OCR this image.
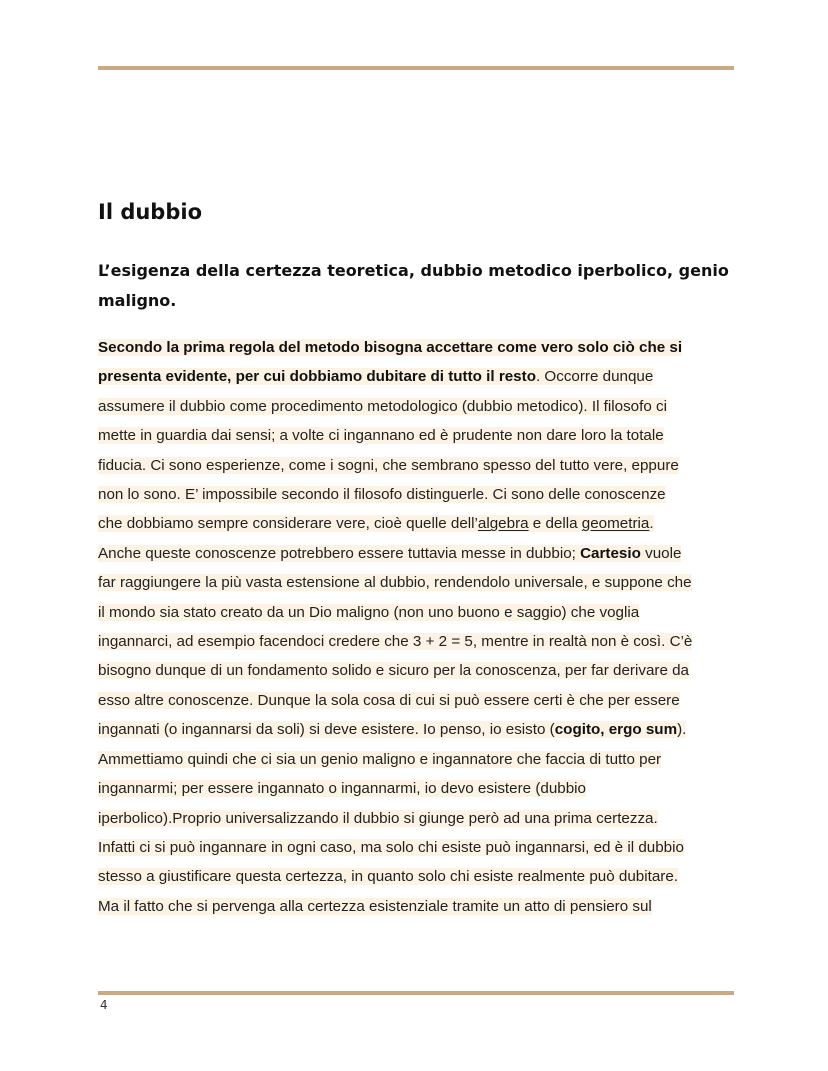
Il dubbio
L’esigenza della certezza teoretica, dubbio metodico iperbolico, genio
maligno.
Secondo la prima regola del metodo bisogna accettare come vero solo ciò che si
presenta evidente, per cui dobbiamo dubitare di tutto il resto. Occorre dunque
assumere il dubbio come procedimento metodologico (dubbio metodico). Il filosofo ci
mette in guardia dai sensi; a volte ci ingannano ed è prudente non dare loro la totale
fiducia. Ci sono esperienze, come i sogni, che sembrano spesso del tutto vere, eppure
non lo sono. E’ impossibile secondo il filosofo distinguerle. Ci sono delle conoscenze
che dobbiamo sempre considerare vere, cioè quelle dell’algebra e della geometria.
Anche queste conoscenze potrebbero essere tuttavia messe in dubbio; Cartesio vuole
far raggiungere la più vasta estensione al dubbio, rendendolo universale, e suppone che
il mondo sia stato creato da un Dio maligno (non uno buono e saggio) che voglia
ingannarci, ad esempio facendoci credere che 3 + 2 = 5, mentre in realtà non è così. C’è
bisogno dunque di un fondamento solido e sicuro per la conoscenza, per far derivare da
esso altre conoscenze. Dunque la sola cosa di cui si può essere certi è che per essere
ingannati (o ingannarsi da soli) si deve esistere. Io penso, io esisto (cogito, ergo sum).
Ammettiamo quindi che ci sia un genio maligno e ingannatore che faccia di tutto per
ingannarmi; per essere ingannato o ingannarmi, io devo esistere (dubbio
iperbolico).Proprio universalizzando il dubbio si giunge però ad una prima certezza.
Infatti ci si può ingannare in ogni caso, ma solo chi esiste può ingannarsi, ed è il dubbio
stesso a giustificare questa certezza, in quanto solo chi esiste realmente può dubitare.
Ma il fatto che si pervenga alla certezza esistenziale tramite un atto di pensiero sul
4
